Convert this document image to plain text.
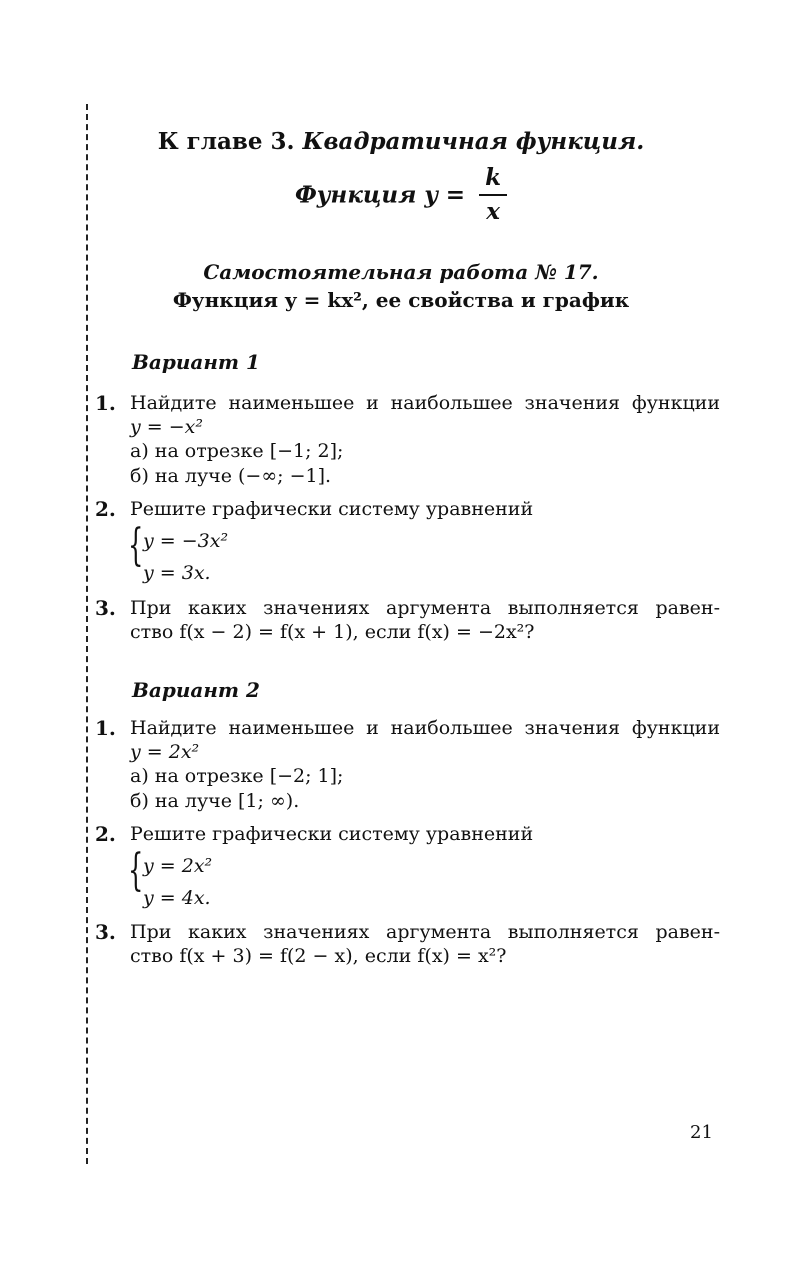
К главе 3. Квадратичная функция.
Функция $y = \frac{k}{x}$
Самостоятельная работа № 17.
Функция y = kx², ее свойства и график
Вариант 1
1. Найдите наименьшее и наибольшее значения функции
y = −x²
а) на отрезке [−1; 2];
б) на луче (−∞; −1].
2. Решите графически систему уравнений
{ y = −3x²
y = 3x.
3. При каких значениях аргумента выполняется равен-
ство f(x − 2) = f(x + 1), если f(x) = −2x²?
Вариант 2
1. Найдите наименьшее и наибольшее значения функции
y = 2x²
а) на отрезке [−2; 1];
б) на луче [1; ∞).
2. Решите графически систему уравнений
{ y = 2x²
y = 4x.
3. При каких значениях аргумента выполняется равен-
ство f(x + 3) = f(2 − x), если f(x) = x²?
21
